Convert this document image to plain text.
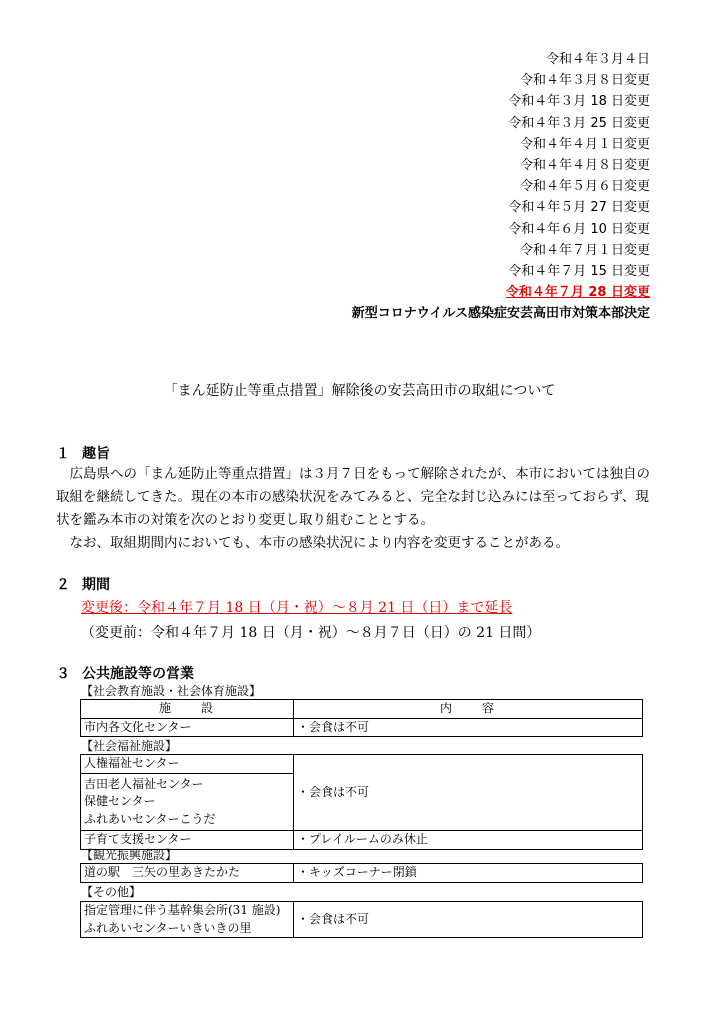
令和４年３月４日
令和４年３月８日変更
令和４年３月 18 日変更
令和４年３月 25 日変更
令和４年４月１日変更
令和４年４月８日変更
令和４年５月６日変更
令和４年５月 27 日変更
令和４年６月 10 日変更
令和４年７月１日変更
令和４年７月 15 日変更
令和４年７月 28 日変更
新型コロナウイルス感染症安芸高田市対策本部決定
「まん延防止等重点措置」解除後の安芸高田市の取組について
１ 趣旨
　広島県への「まん延防止等重点措置」は３月７日をもって解除されたが、本市においては独自の取組を継続してきた。現在の本市の感染状況をみてみると、完全な封じ込みには至っておらず、現状を鑑み本市の対策を次のとおり変更し取り組むこととする。
　なお、取組期間内においても、本市の感染状況により内容を変更することがある。
２ 期間
変更後：令和４年７月 18 日（月・祝）～８月 21 日（日）まで延長
（変更前：令和４年７月 18 日（月・祝）～８月７日（日）の 21 日間）
３ 公共施設等の営業
【社会教育施設・社会体育施設】
施　　設	内　　容

市内各文化センター	・会食は不可
【社会福祉施設】
人権福祉センター	・会食は不可

吉田老人福祉センター
保健センター
ふれあいセンターこうだ	

子育て支援センター	・プレイルームのみ休止
【観光振興施設】
道の駅　三矢の里あきたかた	・キッズコーナー閉鎖
【その他】
指定管理に伴う基幹集会所(31 施設)
ふれあいセンターいきいきの里
	・会食は不可
